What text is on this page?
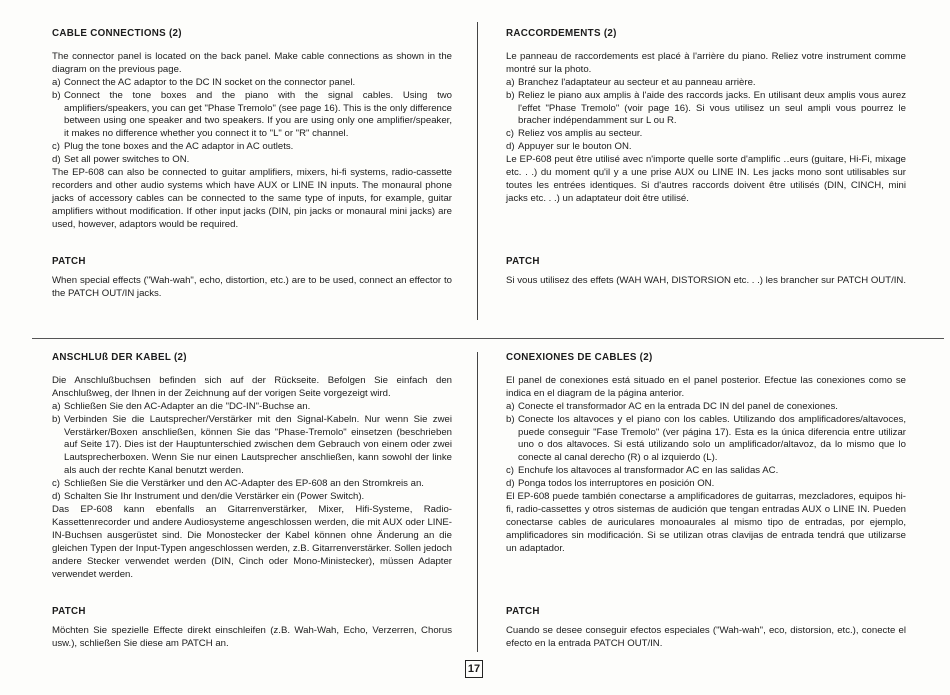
CABLE CONNECTIONS (2)

The connector panel is located on the back panel. Make cable connections as shown in the diagram on the previous page.

a) Connect the AC adaptor to the DC IN socket on the connector panel.
b) Connect the tone boxes and the piano with the signal cables. Using two amplifiers/speakers, you can get "Phase Tremolo" (see page 16). This is the only difference between using one speaker and two speakers. If you are using only one amplifier/speaker, it makes no difference whether you connect it to "L" or "R" channel.
c) Plug the tone boxes and the AC adaptor in AC outlets.
d) Set all power switches to ON.

The EP-608 can also be connected to guitar amplifiers, mixers, hi-fi systems, radio-cassette recorders and other audio systems which have AUX or LINE IN inputs. The monaural phone jacks of accessory cables can be connected to the same type of inputs, for example, guitar amplifiers without modification. If other input jacks (DIN, pin jacks or monaural mini jacks) are used, however, adaptors would be required.

PATCH

When special effects ("Wah-wah", echo, distortion, etc.) are to be used, connect an effector to the PATCH OUT/IN jacks.

RACCORDEMENTS (2)

Le panneau de raccordements est placé à l'arrière du piano. Reliez votre instrument comme montré sur la photo.

a) Branchez l'adaptateur au secteur et au panneau arrière.
b) Reliez le piano aux amplis à l'aide des raccords jacks. En utilisant deux amplis vous aurez l'effet "Phase Tremolo" (voir page 16). Si vous utilisez un seul ampli vous pourrez le bracher indépendamment sur L ou R.
c) Reliez vos amplis au secteur.
d) Appuyer sur le bouton ON.

Le EP-608 peut être utilisé avec n'importe quelle sorte d'amplific ‥eurs (guitare, Hi-Fi, mixage etc. . .) du moment qu'il y a une prise AUX ou LINE IN. Les jacks mono sont utilisables sur toutes les entrées identiques. Si d'autres raccords doivent être utilisés (DIN, CINCH, mini jacks etc. . .) un adaptateur doit être utilisé.

PATCH

Si vous utilisez des effets (WAH WAH, DISTORSION etc. . .) les brancher sur PATCH OUT/IN.

ANSCHLUß DER KABEL (2)

Die Anschlußbuchsen befinden sich auf der Rückseite. Befolgen Sie einfach den Anschlußweg, der Ihnen in der Zeichnung auf der vorigen Seite vorgezeigt wird.

a) Schließen Sie den AC-Adapter an die "DC-IN"-Buchse an.
b) Verbinden Sie die Lautsprecher/Verstärker mit den Signal-Kabeln. Nur wenn Sie zwei Verstärker/Boxen anschließen, können Sie das "Phase-Tremolo" einsetzen (beschrieben auf Seite 17). Dies ist der Hauptunterschied zwischen dem Gebrauch von einem oder zwei Lautsprecherboxen. Wenn Sie nur einen Lautsprecher anschließen, kann sowohl der linke als auch der rechte Kanal benutzt werden.
c) Schließen Sie die Verstärker und den AC-Adapter des EP-608 an den Stromkreis an.
d) Schalten Sie Ihr Instrument und den/die Verstärker ein (Power Switch).

Das EP-608 kann ebenfalls an Gitarrenverstärker, Mixer, Hifi-Systeme, Radio-Kassettenrecorder und andere Audiosysteme angeschlossen werden, die mit AUX oder LINE-IN-Buchsen ausgerüstet sind. Die Monostecker der Kabel können ohne Änderung an die gleichen Typen der Input-Typen angeschlossen werden, z.B. Gitarrenverstärker. Sollen jedoch andere Stecker verwendet werden (DIN, Cinch oder Mono-Ministecker), müssen Adapter verwendet werden.

PATCH

Möchten Sie spezielle Effecte direkt einschleifen (z.B. Wah-Wah, Echo, Verzerren, Chorus usw.), schließen Sie diese am PATCH an.

CONEXIONES DE CABLES (2)

El panel de conexiones está situado en el panel posterior. Efectue las conexiones como se indica en el diagram de la página anterior.

a) Conecte el transformador AC en la entrada DC IN del panel de conexiones.
b) Conecte los altavoces y el piano con los cables. Utilizando dos amplificadores/altavoces, puede conseguir "Fase Tremolo" (ver página 17). Esta es la única diferencia entre utilizar uno o dos altavoces. Si está utilizando solo un amplificador/altavoz, da lo mismo que lo conecte al canal derecho (R) o al izquierdo (L).
c) Enchufe los altavoces al transformador AC en las salidas AC.
d) Ponga todos los interruptores en posición ON.

El EP-608 puede también conectarse a amplificadores de guitarras, mezcladores, equipos hi-fi, radio-cassettes y otros sistemas de audición que tengan entradas AUX o LINE IN. Pueden conectarse cables de auriculares monoaurales al mismo tipo de entradas, por ejemplo, amplificadores sin modificación. Si se utilizan otras clavijas de entrada tendrá que utilizarse un adaptador.

PATCH

Cuando se desee conseguir efectos especiales ("Wah-wah", eco, distorsion, etc.), conecte el efecto en la entrada PATCH OUT/IN.

17
